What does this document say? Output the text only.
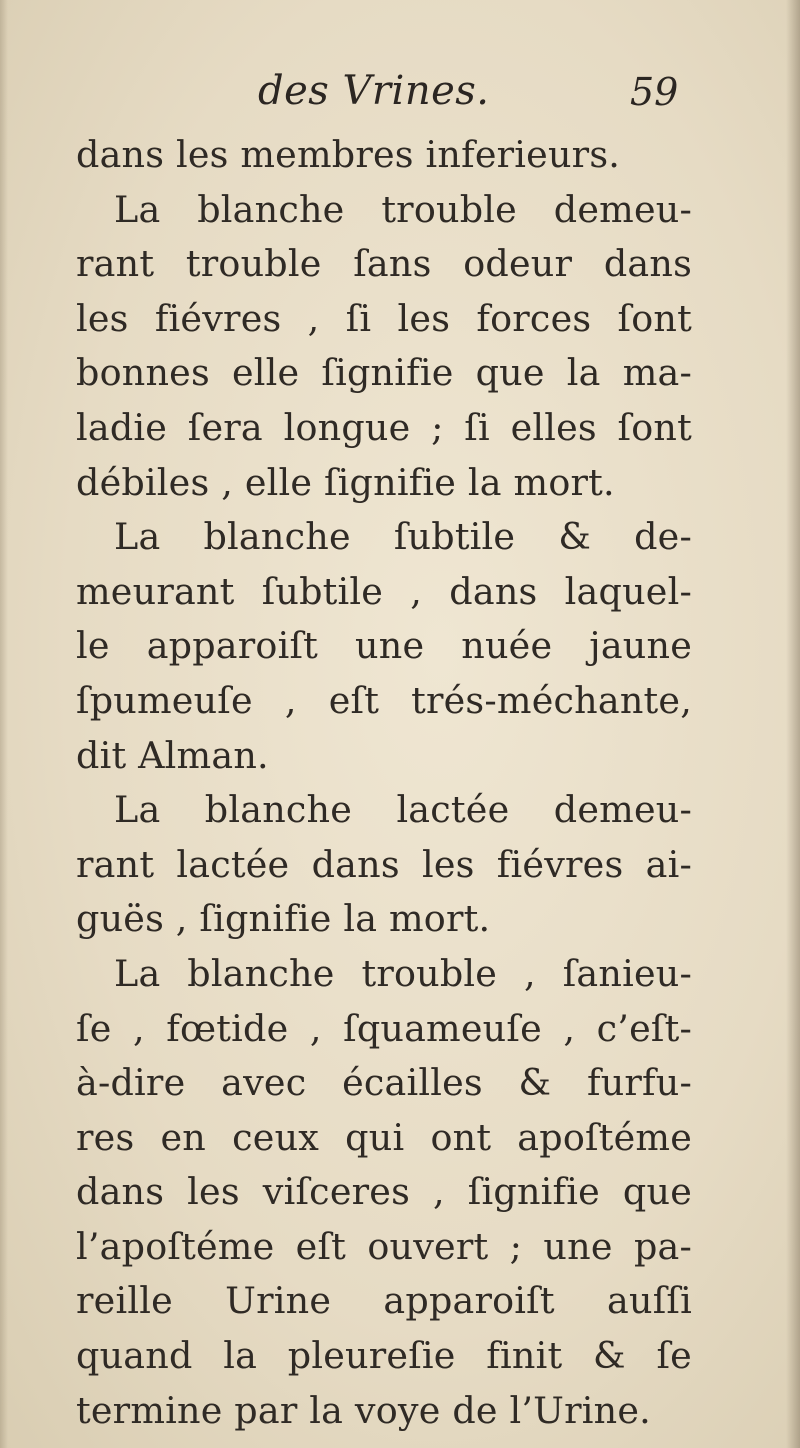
des Vrines.	59
dans les membres inferieurs.
La blanche trouble demeu-
rant trouble ſans odeur dans
les fiévres , ſi les forces ſont
bonnes elle ſignifie que la ma-
ladie ſera longue ; ſi elles ſont
débiles , elle ſignifie la mort.
La blanche ſubtile & de-
meurant ſubtile , dans laquel-
le apparoiſt une nuée jaune
ſpumeuſe , eſt trés-méchante,
dit Alman.
La blanche lactée demeu-
rant lactée dans les fiévres ai-
guës , ſignifie la mort.
La blanche trouble , ſanieu-
ſe , fœtide , ſquameuſe , c’eſt-
à-dire avec écailles & furfu-
res en ceux qui ont apoſtéme
dans les viſceres , ſignifie que
l’apoſtéme eſt ouvert ; une pa-
reille Urine apparoiſt auſſi
quand la pleureſie finit & ſe
termine par la voye de l’Urine.
